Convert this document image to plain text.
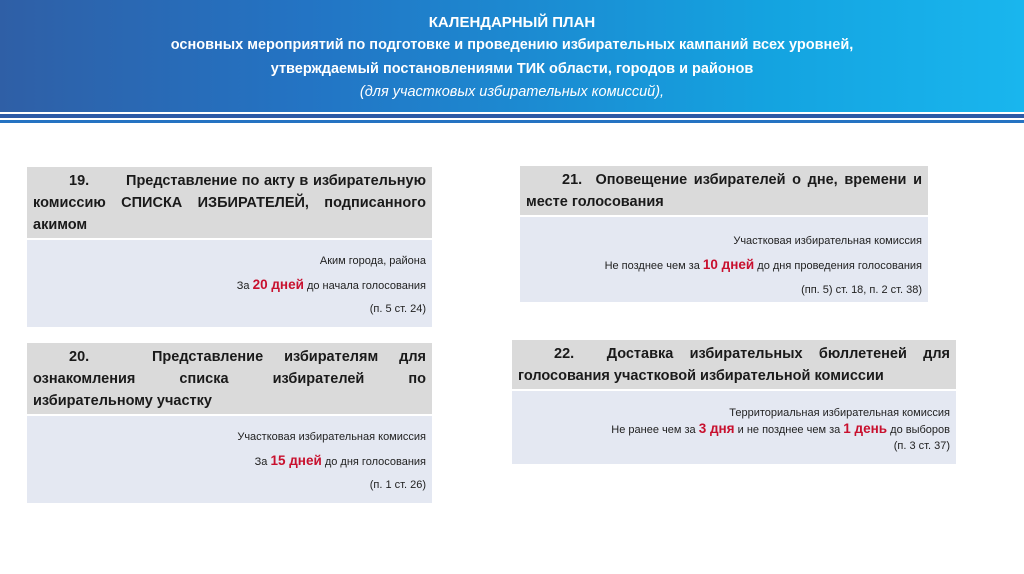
КАЛЕНДАРНЫЙ ПЛАН
основных мероприятий по подготовке и проведению избирательных кампаний всех уровней,
утверждаемый постановлениями ТИК области, городов и районов
(для участковых избирательных комиссий),
19.	Представление по акту в избирательную комиссию СПИСКА ИЗБИРАТЕЛЕЙ, подписанного акимом
Аким города, района
За 20 дней до начала голосования
(п. 5 ст. 24)
20.	Представление избирателям для ознакомления списка избирателей по избирательному участку
Участковая избирательная комиссия
За 15 дней до дня голосования
(п. 1 ст. 26)
21. Оповещение избирателей о дне, времени и месте голосования
Участковая избирательная комиссия
Не позднее чем за 10 дней до дня проведения голосования
(пп. 5) ст. 18, п. 2 ст. 38)
22. Доставка избирательных бюллетеней для голосования участковой избирательной комиссии
Территориальная избирательная комиссия
Не ранее чем за 3 дня и не позднее чем за 1 день до выборов
(п. 3 ст. 37)
